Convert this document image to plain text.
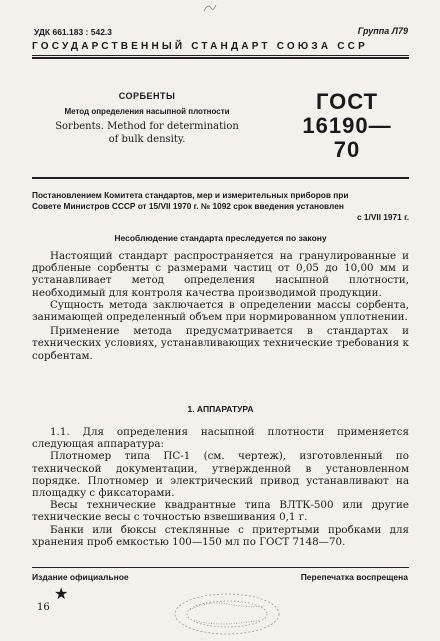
УДК 661.183 : 542.3	Группа Л79
ГОСУДАРСТВЕННЫЙ СТАНДАРТ СОЮЗА ССР
СОРБЕНТЫ
Метод определения насыпной плотности
Sorbents. Method for determination
of bulk density.
ГОСТ
16190—70
Постановлением Комитета стандартов, мер и измерительных приборов при
Совете Министров СССР от 15/VII 1970 г. № 1092 срок введения установлен
с 1/VII 1971 г.
Несоблюдение стандарта преследуется по закону

Настоящий стандарт распространяется на гранулированные и дробленые сорбенты с размерами частиц от 0,05 до 10,00 мм и устанавливает метод определения насыпной плотности, необходимый для контроля качества производимой продукции.

Сущность метода заключается в определении массы сорбента, занимающей определенный объем при нормированном уплотнении.

Применение метода предусматривается в стандартах и технических условиях, устанавливающих технические требования к сорбентам.

1. АППАРАТУРА

1.1. Для определения насыпной плотности применяется следующая аппаратура:

Плотномер типа ПС-1 (см. чертеж), изготовленный по технической документации, утвержденной в установленном порядке. Плотномер и электрический привод устанавливают на площадку с фиксаторами.

Весы технические квадрантные типа ВЛТК-500 или другие технические весы с точностью взвешивания 0,1 г.

Банки или бюксы стеклянные с притертыми пробками для хранения проб емкостью 100—150 мл по ГОСТ 7148—70.

Издание официальное	Перепечатка воспрещена
★
16
